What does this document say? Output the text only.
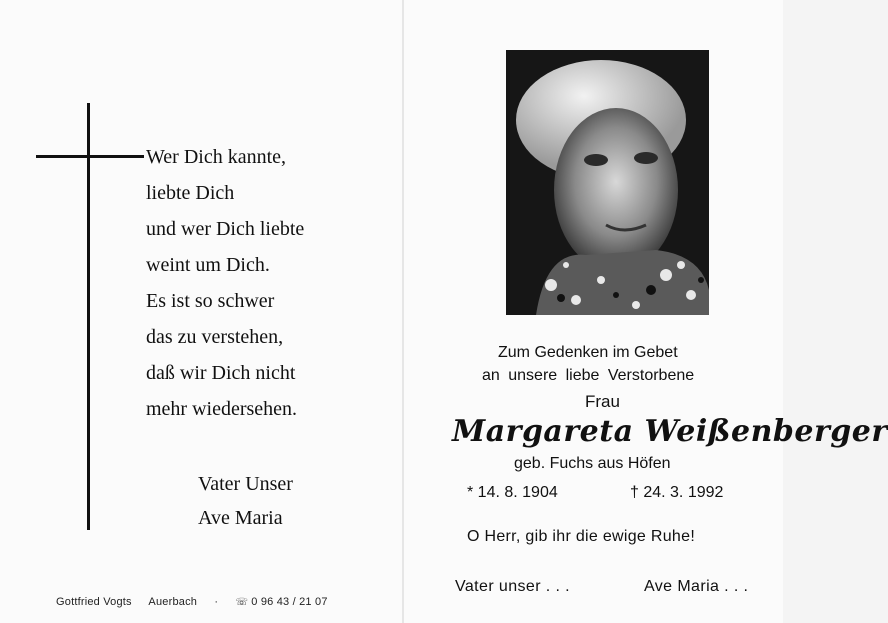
Wer Dich kannte,
liebte Dich
und wer Dich liebte
weint um Dich.
Es ist so schwer
das zu verstehen,
daß wir Dich nicht
mehr wiedersehen.
Vater Unser
Ave Maria
Gottfried Vogts Auerbach · ☏ 0 96 43 / 21 07
Zum Gedenken im Gebet
an unsere liebe Verstorbene
Frau
Margareta Weißenberger
geb. Fuchs aus Höfen
* 14. 8. 1904	† 24. 3. 1992
O Herr, gib ihr die ewige Ruhe!
Vater unser . . .	Ave Maria . . .
